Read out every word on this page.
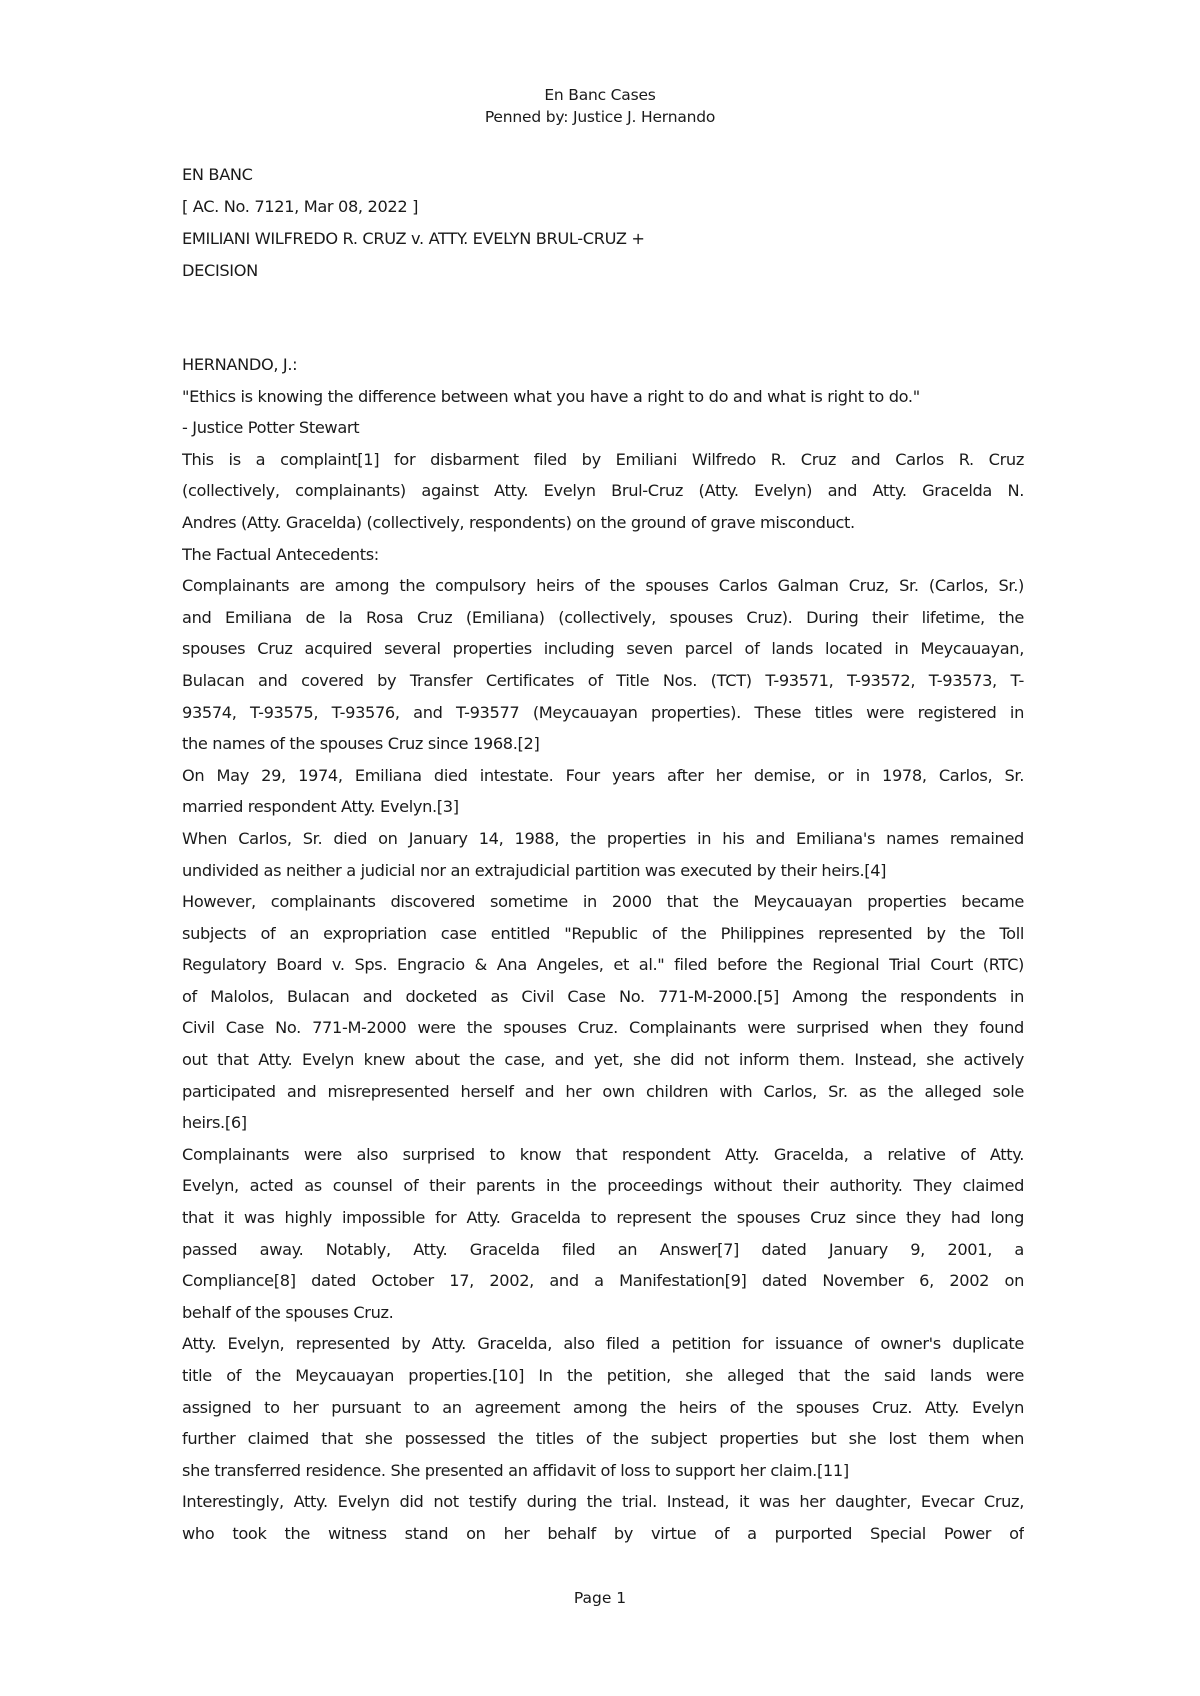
En Banc Cases
Penned by: Justice J. Hernando
EN BANC
[ AC. No. 7121, Mar 08, 2022 ]
EMILIANI WILFREDO R. CRUZ v. ATTY. EVELYN BRUL-CRUZ +
DECISION
HERNANDO, J.:
"Ethics is knowing the difference between what you have a right to do and what is right to do."
- Justice Potter Stewart
This is a complaint[1] for disbarment filed by Emiliani Wilfredo R. Cruz and Carlos R. Cruz
(collectively, complainants) against Atty. Evelyn Brul-Cruz (Atty. Evelyn) and Atty. Gracelda N.
Andres (Atty. Gracelda) (collectively, respondents) on the ground of grave misconduct.
The Factual Antecedents:
Complainants are among the compulsory heirs of the spouses Carlos Galman Cruz, Sr. (Carlos, Sr.)
and Emiliana de la Rosa Cruz (Emiliana) (collectively, spouses Cruz). During their lifetime, the
spouses Cruz acquired several properties including seven parcel of lands located in Meycauayan,
Bulacan and covered by Transfer Certificates of Title Nos. (TCT) T-93571, T-93572, T-93573, T-
93574, T-93575, T-93576, and T-93577 (Meycauayan properties). These titles were registered in
the names of the spouses Cruz since 1968.[2]
On May 29, 1974, Emiliana died intestate. Four years after her demise, or in 1978, Carlos, Sr.
married respondent Atty. Evelyn.[3]
When Carlos, Sr. died on January 14, 1988, the properties in his and Emiliana's names remained
undivided as neither a judicial nor an extrajudicial partition was executed by their heirs.[4]
However, complainants discovered sometime in 2000 that the Meycauayan properties became
subjects of an expropriation case entitled "Republic of the Philippines represented by the Toll
Regulatory Board v. Sps. Engracio & Ana Angeles, et al." filed before the Regional Trial Court (RTC)
of Malolos, Bulacan and docketed as Civil Case No. 771-M-2000.[5] Among the respondents in
Civil Case No. 771-M-2000 were the spouses Cruz. Complainants were surprised when they found
out that Atty. Evelyn knew about the case, and yet, she did not inform them. Instead, she actively
participated and misrepresented herself and her own children with Carlos, Sr. as the alleged sole
heirs.[6]
Complainants were also surprised to know that respondent Atty. Gracelda, a relative of Atty.
Evelyn, acted as counsel of their parents in the proceedings without their authority. They claimed
that it was highly impossible for Atty. Gracelda to represent the spouses Cruz since they had long
passed away. Notably, Atty. Gracelda filed an Answer[7] dated January 9, 2001, a
Compliance[8] dated October 17, 2002, and a Manifestation[9] dated November 6, 2002 on
behalf of the spouses Cruz.
Atty. Evelyn, represented by Atty. Gracelda, also filed a petition for issuance of owner's duplicate
title of the Meycauayan properties.[10] In the petition, she alleged that the said lands were
assigned to her pursuant to an agreement among the heirs of the spouses Cruz. Atty. Evelyn
further claimed that she possessed the titles of the subject properties but she lost them when
she transferred residence. She presented an affidavit of loss to support her claim.[11]
Interestingly, Atty. Evelyn did not testify during the trial. Instead, it was her daughter, Evecar Cruz,
who took the witness stand on her behalf by virtue of a purported Special Power of
Page 1
